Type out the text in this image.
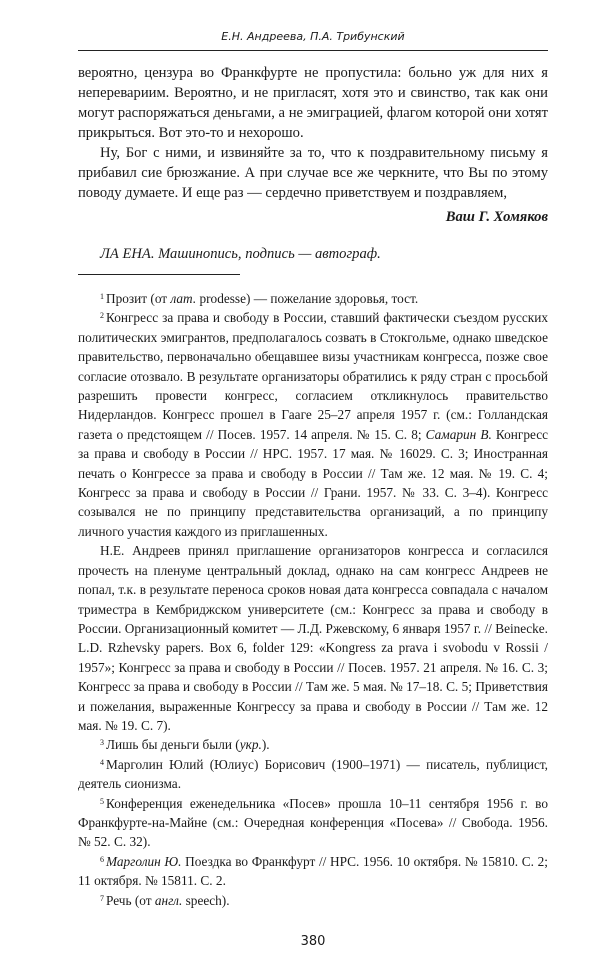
Е.Н. Андреева, П.А. Трибунский

вероятно, цензура во Франкфурте не пропустила: больно уж для них я неперевариим. Вероятно, и не пригласят, хотя это и свинство, так как они могут распоряжаться деньгами, а не эмиграцией, флагом которой они хотят прикрыться. Вот это-то и нехорошо.

Ну, Бог с ними, и извиняйте за то, что к поздравительному письму я прибавил сие брюзжание. А при случае все же черкните, что Вы по этому поводу думаете. И еще раз — сердечно приветствуем и поздравляем,

Ваш Г. Хомяков
ЛА ЕНА. Машинопись, подпись — автограф.

$^1$ Прозит (от лат. prodesse) — пожелание здоровья, тост.

$^2$ Конгресс за права и свободу в России, ставший фактически съездом русских политических эмигрантов, предполагалось созвать в Стокгольме, однако шведское правительство, первоначально обещавшее визы участникам конгресса, позже свое согласие отозвало. В результате организаторы обратились к ряду стран с просьбой разрешить провести конгресс, согласием откликнулось правительство Нидерландов. Конгресс прошел в Гааге 25–27 апреля 1957 г. (см.: Голландская газета о предстоящем // Посев. 1957. 14 апреля. № 15. С. 8; Самарин В. Конгресс за права и свободу в России // НРС. 1957. 17 мая. № 16029. С. 3; Иностранная печать о Конгрессе за права и свободу в России // Там же. 12 мая. № 19. С. 4; Конгресс за права и свободу в России // Грани. 1957. № 33. С. 3–4). Конгресс созывался не по принципу представительства организаций, а по принципу личного участия каждого из приглашенных.

Н.Е. Андреев принял приглашение организаторов конгресса и согласился прочесть на пленуме центральный доклад, однако на сам конгресс Андреев не попал, т.к. в результате переноса сроков новая дата конгресса совпадала с началом триместра в Кембриджском университете (см.: Конгресс за права и свободу в России. Организационный комитет — Л.Д. Ржевскому, 6 января 1957 г. // Beinecke. L.D. Rzhevsky papers. Box 6, folder 129: «Kongress za prava i svobodu v Rossii / 1957»; Конгресс за права и свободу в России // Посев. 1957. 21 апреля. № 16. С. 3; Конгресс за права и свободу в России // Там же. 5 мая. № 17–18. С. 5; Приветствия и пожелания, выраженные Конгрессу за права и свободу в России // Там же. 12 мая. № 19. С. 7).

$^3$ Лишь бы деньги были (укр.).

$^4$ Марголин Юлий (Юлиус) Борисович (1900–1971) — писатель, публицист, деятель сионизма.

$^5$ Конференция еженедельника «Посев» прошла 10–11 сентября 1956 г. во Франкфурте-на-Майне (см.: Очередная конференция «Посева» // Свобода. 1956. № 52. С. 32).

$^6$ Марголин Ю. Поездка во Франкфурт // НРС. 1956. 10 октября. № 15810. С. 2; 11 октября. № 15811. С. 2.

$^7$ Речь (от англ. speech).

380
